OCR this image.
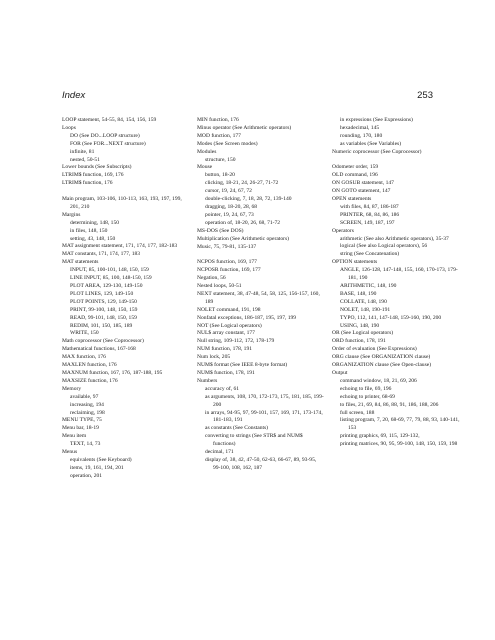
Index	253

LOOP statement, 54-55, 84, 154, 156, 159

Loops

DO (See DO...LOOP structure)

FOR (See FOR...NEXT structure)

infinite, 81

nested, 50-51

Lower bounds (See Subscripts)

LTRIM$ function, 169, 176

LTRIM$ function, 176

Main program, 103-106, 110-113, 163, 193, 197, 199, 201, 210

Margins

determining, 148, 150

in files, 148, 150

setting, 43, 148, 150

MAT assignment statement, 171, 174, 177, 182-183

MAT constants, 171, 174, 177, 183

MAT statements

INPUT, 85, 100-101, 148, 150, 159

LINE INPUT, 85, 100, 148-150, 159

PLOT AREA, 129-130, 149-150

PLOT LINES, 129, 149-150

PLOT POINTS, 129, 149-150

PRINT, 99-100, 148, 150, 159

READ, 99-101, 148, 150, 159

REDIM, 101, 150, 185, 189

WRITE, 150

Math coprocessor (See Coprocessor)

Mathematical functions, 167-168

MAX function, 176

MAXLEN function, 176

MAXNUM function, 167, 176, 187-188, 195

MAXSIZE function, 176

Memory

available, 97

increasing, 194

reclaiming, 198

MENU TYPE, 75

Menu bar, 18-19

Menu item

TEXT, 14, 73

Menus

equivalents (See Keyboard)

items, 19, 161, 194, 201

operation, 201

MIN function, 176

Minus operator (See Arithmetic operators)

MOD function, 177

Modes (See Screen modes)

Modules

structure, 150

Mouse

button, 18-20

clicking, 18-21, 24, 26-27, 71-72

cursor, 19, 24, 67, 72

double-clicking, 7, 18, 28, 72, 139-140

dragging, 18-20, 28, 68

pointer, 19, 24, 67, 73

operation of, 18-20, 26, 68, 71-72

MS-DOS (See DOS)

Multiplication (See Arithmetic operators)

Music, 75, 79-81, 135-137

NCPOS function, 169, 177

NCPOSR function, 169, 177

Negation, 56

Nested loops, 50-51

NEXT statement, 38, 47-48, 54, 58, 125, 156-157, 160, 189

NOLET command, 191, 198

Nonfatal exceptions, 186-187, 195, 197, 199

NOT (See Logical operators)

NUL$ array constant, 177

Null string, 109-112, 172, 178-179

NUM function, 178, 191

Num lock, 205

NUM$ format (See IEEE 8-byte format)

NUM$ function, 178, 191

Numbers

accuracy of, 61

as arguments, 108, 170, 172-173, 175, 181, 185, 199-200

in arrays, 94-95, 97, 99-101, 157, 169, 171, 173-174, 181-183, 191

as constants (See Constants)

converting to strings (See STR$ and NUM$ functions)

decimal, 171

display of, 38, 42, 47-50, 62-63, 66-67, 89, 93-95, 99-100, 108, 162, 187

in expressions (See Expressions)

hexadecimal, 145

rounding, 170, 180

as variables (See Variables)

Numeric coprocessor (See Coprocessor)

Odometer order, 159

OLD command, 196

ON GOSUB statement, 147

ON GOTO statement, 147

OPEN statements

with files, 84, 87, 186-187

PRINTER, 68, 84, 86, 186

SCREEN, 149, 187, 197

Operators

arithmetic (See also Arithmetic operators), 35-37

logical (See also Logical operators), 56

string (See Concatenation)

OPTION statements

ANGLE, 126-128, 147-148, 155, 160, 170-173, 179-181, 190

ARITHMETIC, 148, 190

BASE, 148, 190

COLLATE, 148, 190

NOLET, 148, 190-191

TYPO, 112, 141, 147-148, 159-160, 190, 200

USING, 148, 190

OR (See Logical operators)

ORD function, 178, 191

Order of evaluation (See Expressions)

ORG clause (See ORGANIZATION clause)

ORGANIZATION clause (See Open-clause)

Output

command window, 18, 21, 69, 206

echoing to file, 69, 196

echoing to printer, 68-69

to files, 21, 69, 84, 86, 88, 91, 186, 188, 206

full screen, 188

listing program, 7, 20, 68-69, 77, 79, 88, 93, 140-141, 153

printing graphics, 69, 115, 129-132,

printing matrices, 90, 95, 99-100, 148, 150, 159, 198
